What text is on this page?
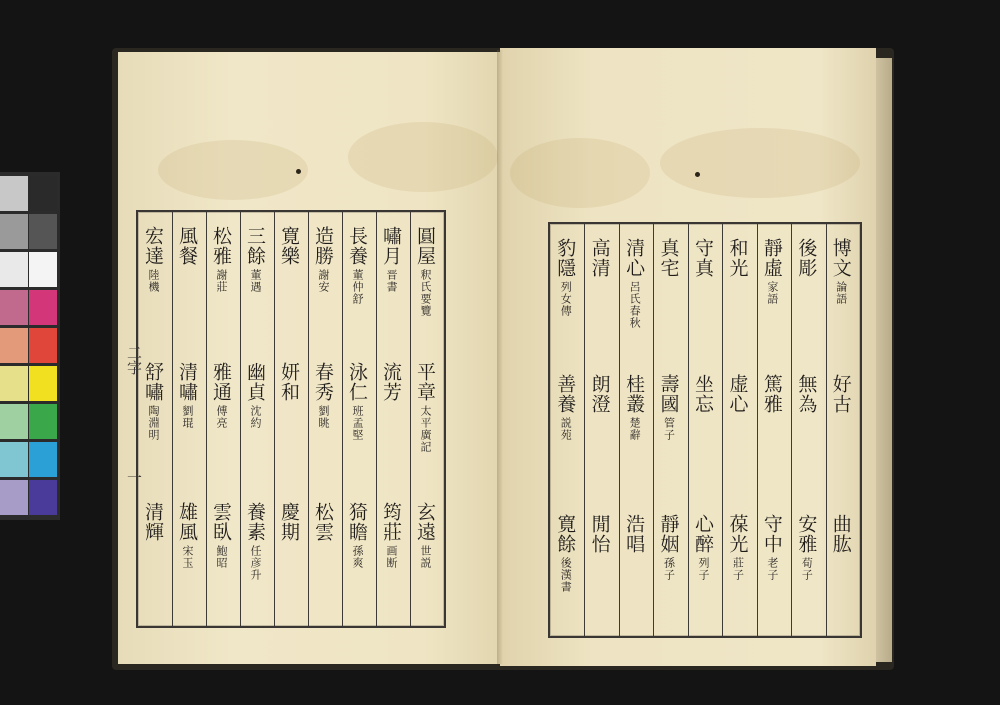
二字
一
圓屋釈氏要覽
平章太平廣記
玄遠世説
嘯月晋書
流芳
筠莊画断
長養董仲舒
泳仁班孟堅
猗瞻孫爽
造勝謝安
春秀劉眺
松雲
寛樂
妍和
慶期
三餘董遇
幽貞沈約
養素任彦升
松雅謝莊
雅通傅亮
雲臥鮑昭
風餐
清嘯劉琨
雄風宋玉
宏達陸機
舒嘯陶淵明
清輝
博文論語
好古
曲肱
後彫
無為
安雅荀子
靜虛家語
篤雅
守中老子
和光
虚心
葆光莊子
守真
坐忘
心醉列子
真宅
壽國管子
靜姻孫子
清心呂氏春秋
桂叢楚辭
浩唱
高清
朗澄
閒怡
豹隱列女傳
善養説苑
寛餘後漢書
